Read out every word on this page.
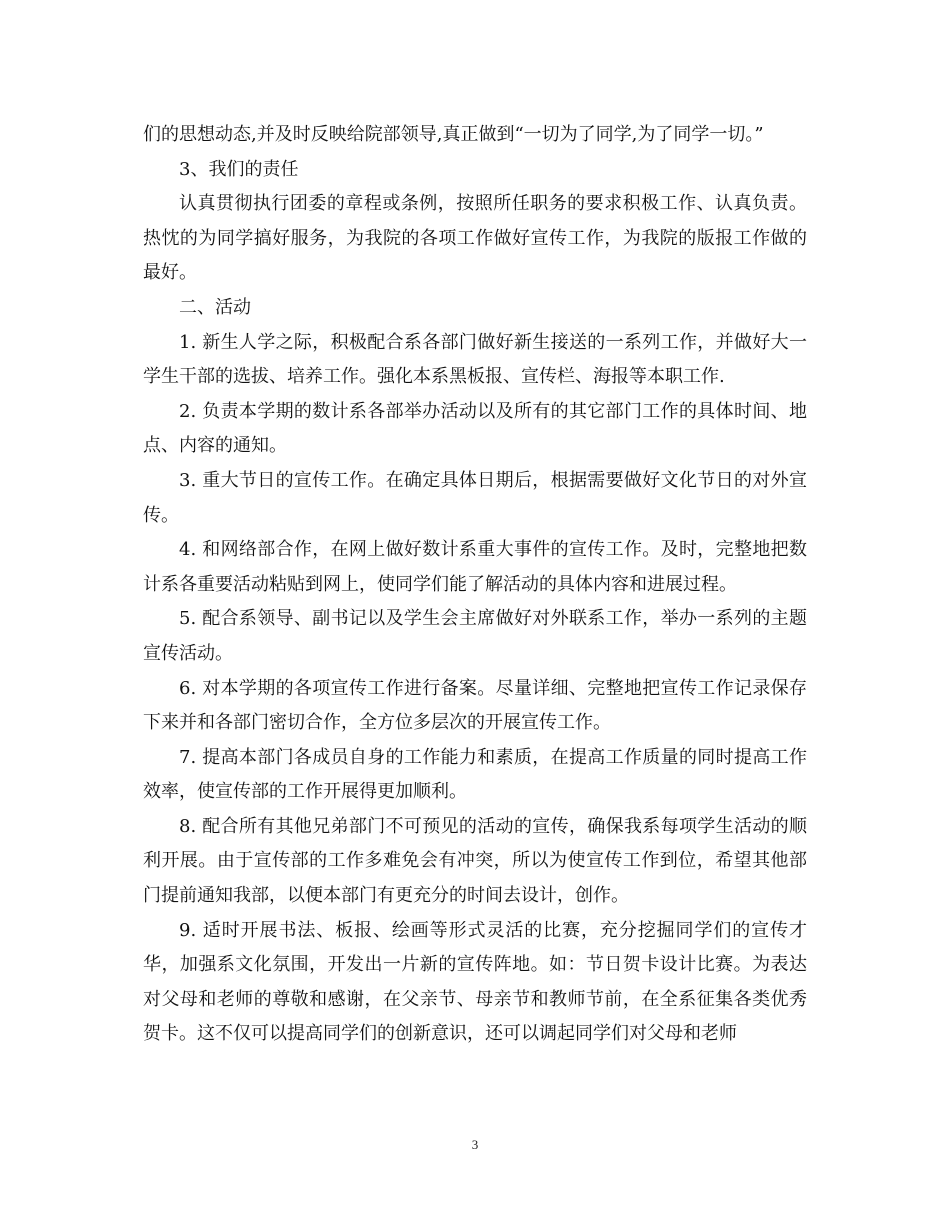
们的思想动态,并及时反映给院部领导,真正做到“一切为了同学,为了同学一切。”

3、我们的责任

认真贯彻执行团委的章程或条例，按照所任职务的要求积极工作、认真负责。热忱的为同学搞好服务，为我院的各项工作做好宣传工作，为我院的版报工作做的最好。

二、活动

1. 新生人学之际，积极配合系各部门做好新生接送的一系列工作，并做好大一学生干部的选拔、培养工作。强化本系黑板报、宣传栏、海报等本职工作.

2. 负责本学期的数计系各部举办活动以及所有的其它部门工作的具体时间、地点、内容的通知。

3. 重大节日的宣传工作。在确定具体日期后，根据需要做好文化节日的对外宣传。

4. 和网络部合作，在网上做好数计系重大事件的宣传工作。及时，完整地把数计系各重要活动粘贴到网上，使同学们能了解活动的具体内容和进展过程。

5. 配合系领导、副书记以及学生会主席做好对外联系工作，举办一系列的主题宣传活动。

6. 对本学期的各项宣传工作进行备案。尽量详细、完整地把宣传工作记录保存下来并和各部门密切合作，全方位多层次的开展宣传工作。

7. 提高本部门各成员自身的工作能力和素质，在提高工作质量的同时提高工作效率，使宣传部的工作开展得更加顺利。

8. 配合所有其他兄弟部门不可预见的活动的宣传，确保我系每项学生活动的顺利开展。由于宣传部的工作多难免会有冲突，所以为使宣传工作到位，希望其他部门提前通知我部，以便本部门有更充分的时间去设计，创作。

9. 适时开展书法、板报、绘画等形式灵活的比赛，充分挖掘同学们的宣传才华，加强系文化氛围，开发出一片新的宣传阵地。如：节日贺卡设计比赛。为表达对父母和老师的尊敬和感谢，在父亲节、母亲节和教师节前，在全系征集各类优秀贺卡。这不仅可以提高同学们的创新意识，还可以调起同学们对父母和老师

3
